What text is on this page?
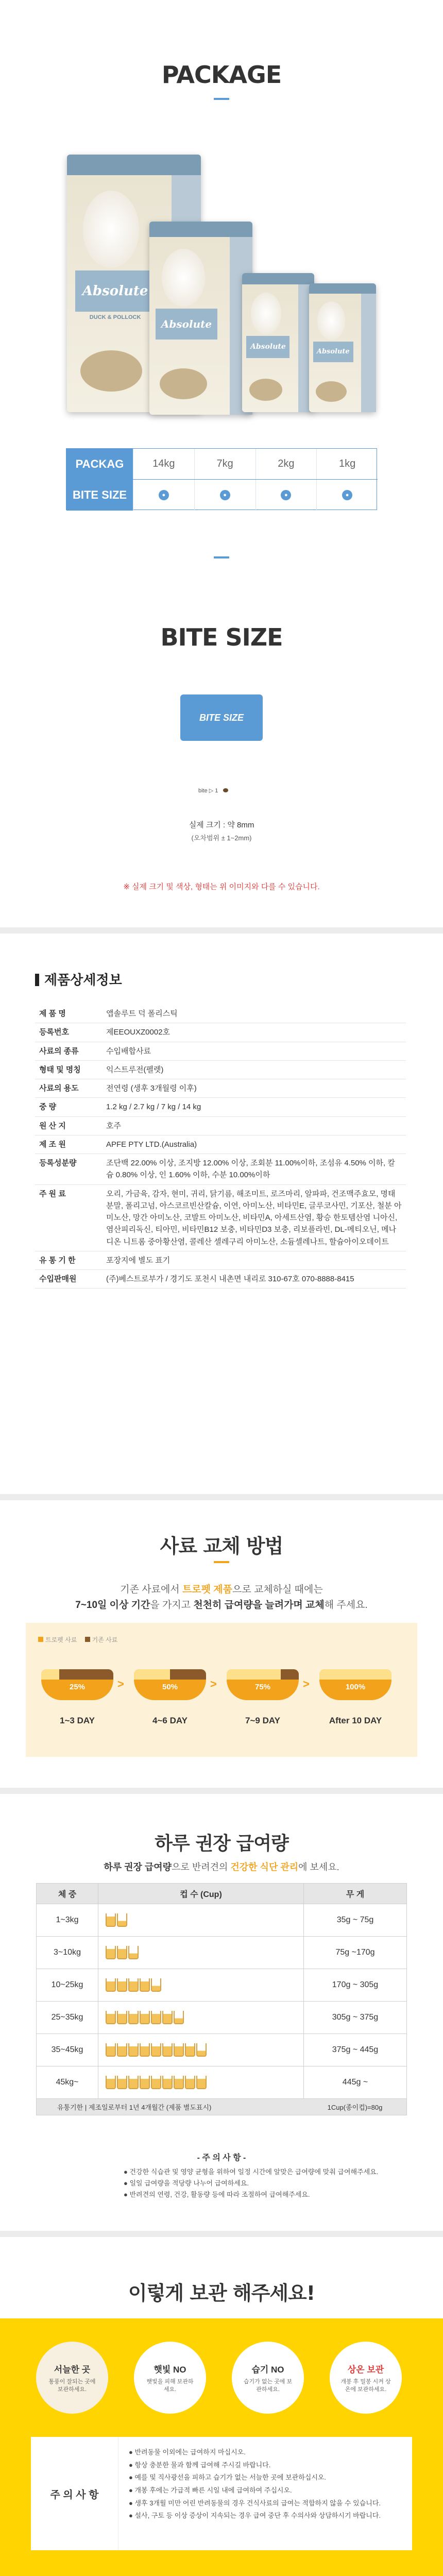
PACKAGE
Absolute
DUCK & POLLOCK
Absolute
Absolute
Absolute
PACKAG	14kg	7kg	2kg	1kg
BITE SIZE	●	●	●	●
BITE SIZE
BITE SIZE
bite ▷ 1
실제 크기 : 약 8mm
(오차범위 ± 1~2mm)
※ 실제 크기 및 색상, 형태는 위 이미지와 다를 수 있습니다.
제품상세정보
제 품 명	앱솔루트 덕 폴리스틱
등록번호	제EEOUXZ0002호
사료의 종류	수입배합사료
형태 및 명칭	익스트루전(펠렛)
사료의 용도	전연령 (생후 3개월령 이후)
중 량	1.2 kg / 2.7 kg / 7 kg / 14 kg
원 산 지	호주
제 조 원	APFE PTY LTD.(Australia)
등록성분량	조단백 22.00% 이상, 조지방 12.00% 이상, 조회분 11.00%이하, 조섬유 4.50% 이하, 칼슘 0.80% 이상, 인 1.60% 이하, 수분 10.00%이하
주 원 료	오리, 가금육, 감자, 현미, 귀리, 닭기름, 해조미트, 로즈마리, 알파파, 건조맥주효모, 명태분말, 폴리고넘, 아스코르빈산칼슘, 이연, 아미노산, 비타민E, 글루코사민, 기포산, 철분 아미노산, 망간 아미노산, 코발트 아미노산, 비타민A, 아세트산염, 황승 한토템산염 니아신, 염산피리독신, 티아민, 비타민B12 보충, 비타민D3 보충, 리보플라빈, DL-메티오닌, 메나디온 니트롬 중아황산염, 콜레산 셀레구리 아미노산, 소듐셀레나트, 할슘아이오데이트
유 통 기 한	포장지에 별도 표기
수입판매원	(주)베스트로부가 / 경기도 포천시 내촌면 내리로 310-67호 070-8888-8415
사료 교체 방법
기존 사료에서 트로펫 제품으로 교체하실 때에는
7~10일 이상 기간을 가지고 천천히 급여량을 늘려가며 교체해 주세요.
트로펫 사료 기존 사료
25%
1~3 DAY
>	50%
4~6 DAY
>	75%
7~9 DAY
>	100%
After 10 DAY
하루 권장 급여량
하루 권장 급여량으로 반려견의 건강한 식단 관리에 보세요.
체 중	컵 수 (Cup)	무 게
1~3kg		35g ~ 75g
3~10kg		75g ~170g
10~25kg		170g ~ 305g
25~35kg		305g ~ 375g
35~45kg		375g ~ 445g
45kg~		445g ~
유통기한 | 제조일로부터 1년 4개월간 (제품 별도표시)	1Cup(종이컵)=80g
- 주 의 사 항 -
● 건강한 식습관 및 영양 균형을 위하여 일정 시간에 알맞은 급여량에 맞춰 급여해주세요.
● 일일 급여량을 적당량 나누어 급여하세요.
● 반려견의 연령, 건강, 활동량 등에 따라 조절하여 급여해주세요.
이렇게 보관 해주세요!
서늘한 곳
통풍이 잘되는 곳에 보관하세요.
햇빛 NO
햇빛을 피해 보관하세요.
습기 NO
습기가 없는 곳에 보관하세요.
상온 보관
개봉 후 밀봉 시켜 상온에 보관하세요.
주 의 사 항
● 반려동물 이외에는 급여하지 마십시오.
● 항상 충분한 물과 함께 급여해 주시길 바랍니다.
● 예를 및 직사광선을 피하고 습기가 없는 서늘한 곳에 보관하십시오.
● 개봉 후에는 가급적 빠른 시일 내에 급여하여 주십시오.
● 생후 3개월 미만 어린 반려동물의 경우 건식사료의 급여는 적합하지 않을 수 있습니다.
● 설사, 구토 등 이상 증상이 지속되는 경우 급여 중단 후 수의사와 상담하시기 바랍니다.
